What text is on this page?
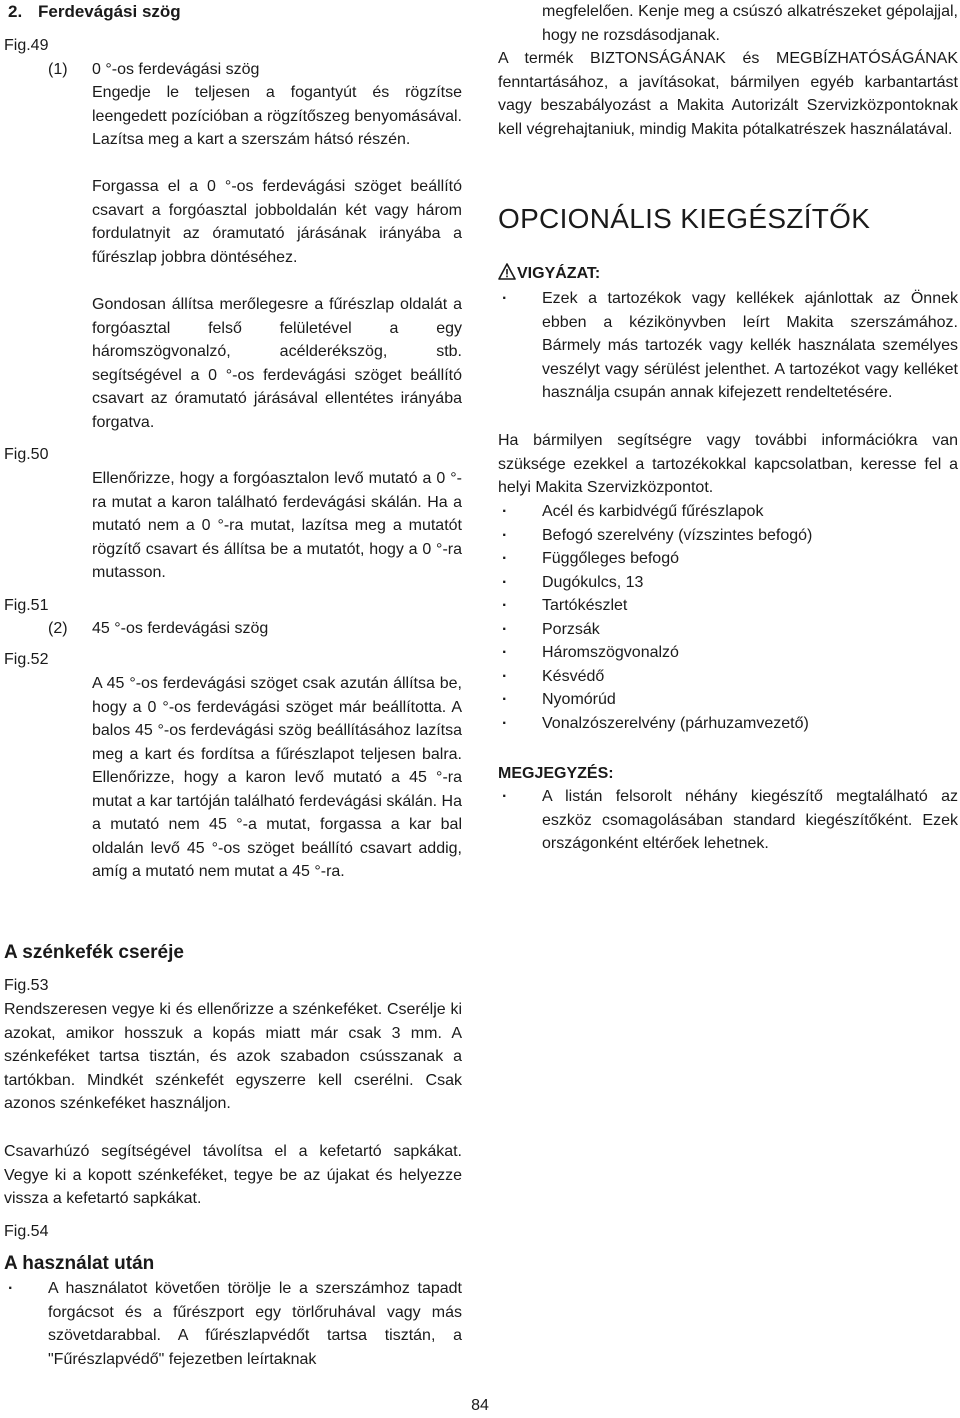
2. Ferdevágási szög
Fig.49
(1) 0 °-os ferdevágási szög
Engedje le teljesen a fogantyút és rögzítse leengedett pozícióban a rögzítőszeg benyomásával. Lazítsa meg a kart a szerszám hátsó részén.
Forgassa el a 0 °-os ferdevágási szöget beállító csavart a forgóasztal jobboldalán két vagy három fordulatnyit az óramutató járásának irányába a fűrészlap jobbra döntéséhez.
Gondosan állítsa merőlegesre a fűrészlap oldalát a forgóasztal felső felületével a egy háromszögvonalzó, acélderékszög, stb. segítségével a 0 °-os ferdevágási szöget beállító csavart az óramutató járásával ellentétes irányába forgatva.
Fig.50
Ellenőrizze, hogy a forgóasztalon levő mutató a 0 °-ra mutat a karon található ferdevágási skálán. Ha a mutató nem a 0 °-ra mutat, lazítsa meg a mutatót rögzítő csavart és állítsa be a mutatót, hogy a 0 °-ra mutasson.
Fig.51
(2) 45 °-os ferdevágási szög
Fig.52
A 45 °-os ferdevágási szöget csak azután állítsa be, hogy a 0 °-os ferdevágási szöget már beállította. A balos 45 °-os ferdevágási szög beállításához lazítsa meg a kart és fordítsa a fűrészlapot teljesen balra. Ellenőrizze, hogy a karon levő mutató a 45 °-ra mutat a kar tartóján található ferdevágási skálán. Ha a mutató nem 45 °-a mutat, forgassa a kar bal oldalán levő 45 °-os szöget beállító csavart addig, amíg a mutató nem mutat a 45 °-ra.
A szénkefék cseréje
Fig.53
Rendszeresen vegye ki és ellenőrizze a szénkeféket. Cserélje ki azokat, amikor hosszuk a kopás miatt már csak 3 mm. A szénkeféket tartsa tisztán, és azok szabadon csússzanak a tartókban. Mindkét szénkefét egyszerre kell cserélni. Csak azonos szénkeféket használjon.
Csavarhúzó segítségével távolítsa el a kefetartó sapkákat. Vegye ki a kopott szénkeféket, tegye be az újakat és helyezze vissza a kefetartó sapkákat.
Fig.54
A használat után
· A használatot követően törölje le a szerszámhoz tapadt forgácsot és a fűrészport egy törlőruhával vagy más szövetdarabbal. A fűrészlapvédőt tartsa tisztán, a "Fűrészlapvédő" fejezetben leírtaknak
megfelelően. Kenje meg a csúszó alkatrészeket gépolajjal, hogy ne rozsdásodjanak.
A termék BIZTONSÁGÁNAK és MEGBÍZHATÓSÁGÁNAK fenntartásához, a javításokat, bármilyen egyéb karbantartást vagy beszabályozást a Makita Autorizált Szervizközpontoknak kell végrehajtaniuk, mindig Makita pótalkatrészek használatával.
OPCIONÁLIS KIEGÉSZÍTŐK
VIGYÁZAT:
· Ezek a tartozékok vagy kellékek ajánlottak az Önnek ebben a kézikönyvben leírt Makita szerszámához. Bármely más tartozék vagy kellék használata személyes veszélyt vagy sérülést jelenthet. A tartozékot vagy kelléket használja csupán annak kifejezett rendeltetésére.
Ha bármilyen segítségre vagy további információkra van szüksége ezekkel a tartozékokkal kapcsolatban, keresse fel a helyi Makita Szervizközpontot.
· Acél és karbidvégű fűrészlapok
· Befogó szerelvény (vízszintes befogó)
· Függőleges befogó
· Dugókulcs, 13
· Tartókészlet
· Porzsák
· Háromszögvonalzó
· Késvédő
· Nyomórúd
· Vonalzószerelvény (párhuzamvezető)
MEGJEGYZÉS:
· A listán felsorolt néhány kiegészítő megtalálható az eszköz csomagolásában standard kiegészítőként. Ezek országonként eltérőek lehetnek.
84
